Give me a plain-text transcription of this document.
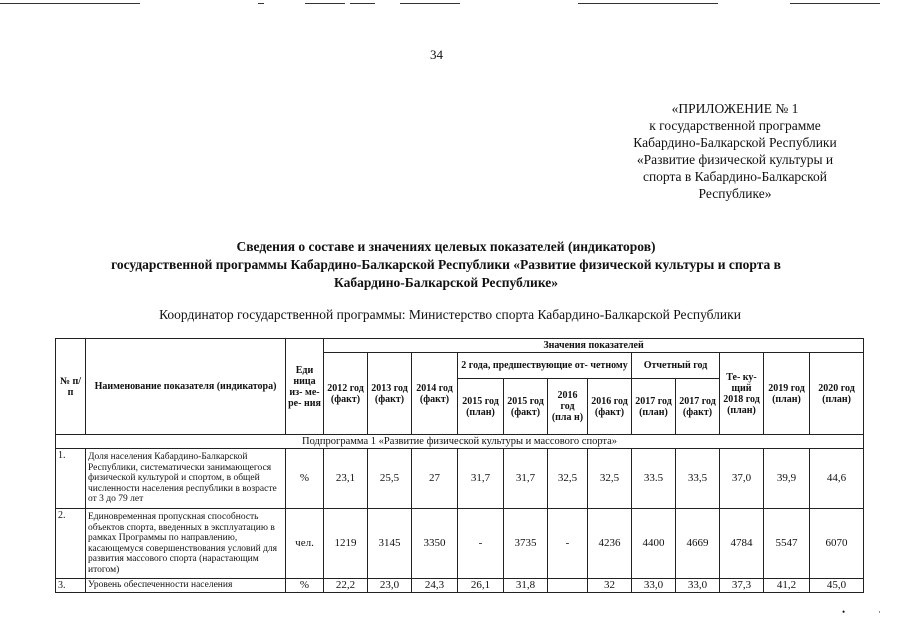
34
«ПРИЛОЖЕНИЕ № 1
к государственной программе
Кабардино-Балкарской Республики
«Развитие физической культуры и
спорта в Кабардино-Балкарской
Республике»
Сведения о составе и значениях целевых показателей (индикаторов)
государственной программы Кабардино-Балкарской Республики «Развитие физической культуры и спорта в
Кабардино-Балкарской Республике»
Координатор государственной программы: Министерство спорта Кабардино-Балкарской Республики
№ п/п	Наименование показателя (индикатора)	Еди ница из- ме- ре- ния	Значения показателей											
			2012 год (факт)	2013 год (факт)	2014 год (факт)	2 года, предшествующие от- четному				Отчетный год		Те- ку- щий 2018 год (план)	2019 год (план)	2020 год (план)
						2015 год (план)	2015 год (факт)	2016 год (пла н)	2016 год (факт)	2017 год (план)	2017 год (факт)			
Подпрограмма 1 «Развитие физической культуры и массового спорта»														
1.	Доля населения Кабардино-Балкарской Республики, систематически занимающегося физической культурой и спортом, в общей численности населения республики в возрасте от 3 до 79 лет	%	23,1	25,5	27	31,7	31,7	32,5	32,5	33.5	33,5	37,0	39,9	44,6
2.	Единовременная пропускная способность объектов спорта, введенных в эксплуатацию в рамках Программы по направлению, касающемуся совершенствования условий для развития массового спорта (нарастающим итогом)	чел.	1219	3145	3350	-	3735	-	4236	4400	4669	4784	5547	6070
3.	Уровень обеспеченности населения	%	22,2	23,0	24,3	26,1	31,8		32	33,0	33,0	37,3	41,2	45,0
•	·
